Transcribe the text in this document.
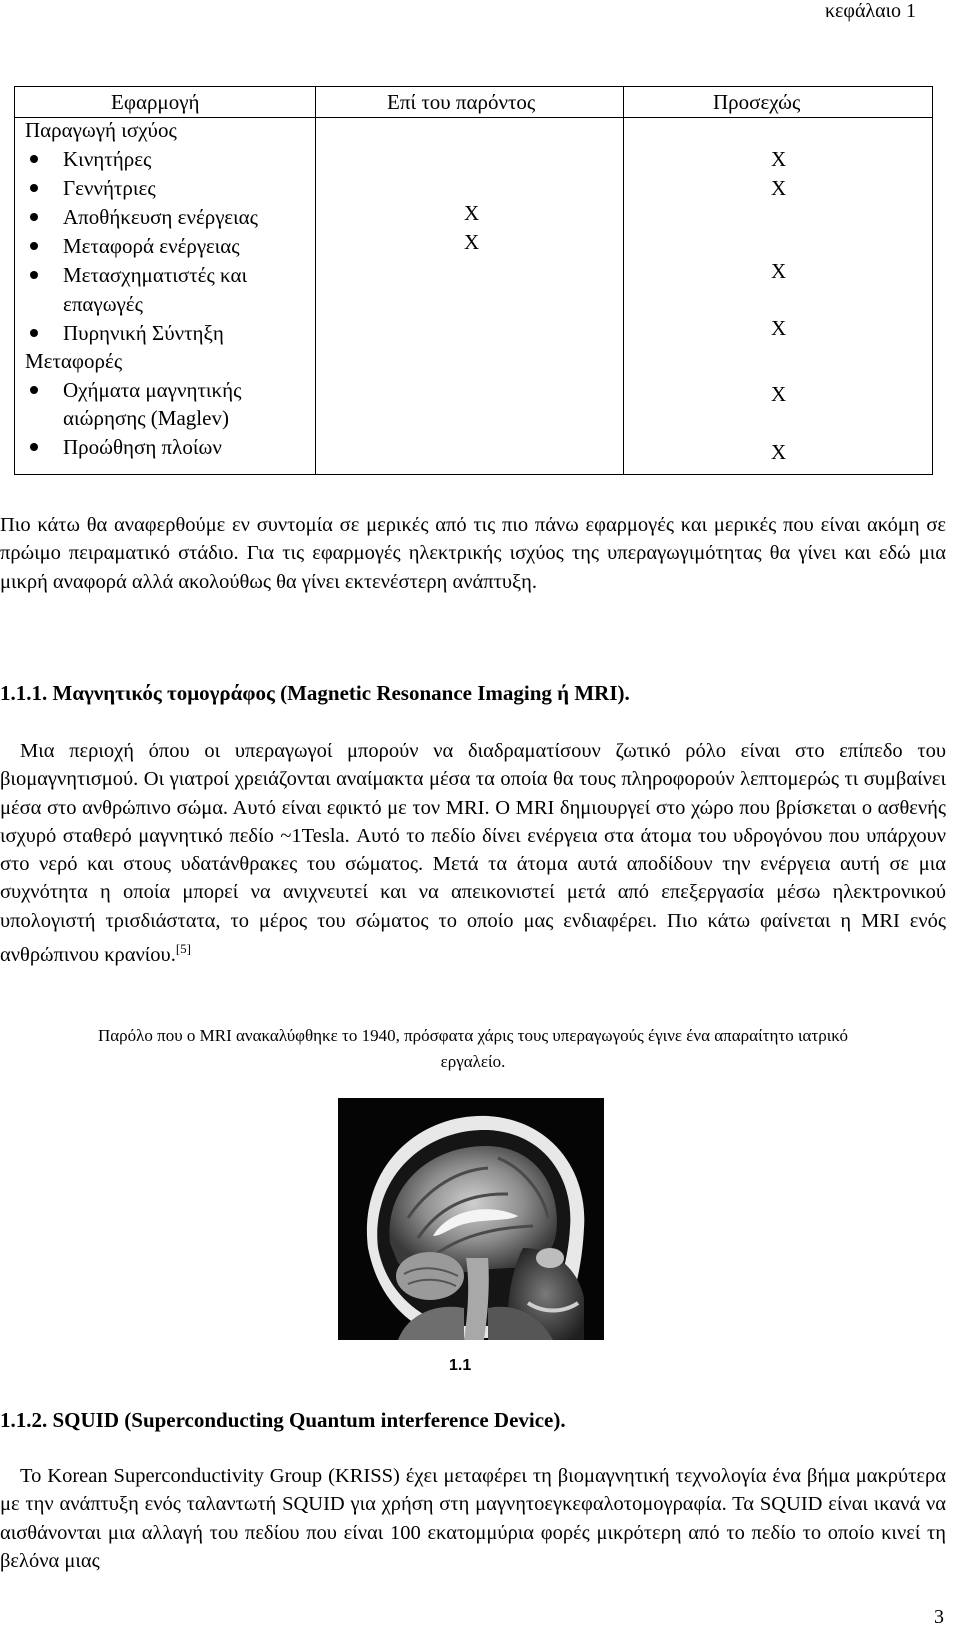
κεφάλαιο 1
Εφαρμογή	Επί του παρόντος	Προσεχώς
Παραγωγή ισχύος
Κινητήρες
Γεννήτριες
Αποθήκευση ενέργειας
Μεταφορά ενέργειας
Μετασχηματιστές και
επαγωγές
Πυρηνική Σύντηξη
Μεταφορές
Οχήματα μαγνητικής
αιώρησης (Maglev)
Προώθηση πλοίων
X
X
X
X
X
X
X
X

Πιο κάτω θα αναφερθούμε εν συντομία σε μερικές από τις πιο πάνω εφαρμογές και μερικές που είναι ακόμη σε πρώιμο πειραματικό στάδιο. Για τις εφαρμογές ηλεκτρικής ισχύος της υπεραγωγιμότητας θα γίνει και εδώ μια μικρή αναφορά αλλά ακολούθως θα γίνει εκτενέστερη ανάπτυξη.

1.1.1. Μαγνητικός τομογράφος (Magnetic Resonance Imaging ή MRI).

Μια περιοχή όπου οι υπεραγωγοί μπορούν να διαδραματίσουν ζωτικό ρόλο είναι στο επίπεδο του βιομαγνητισμού. Οι γιατροί χρειάζονται αναίμακτα μέσα τα οποία θα τους πληροφορούν λεπτομερώς τι συμβαίνει μέσα στο ανθρώπινο σώμα. Αυτό είναι εφικτό με τον MRI. Ο MRI δημιουργεί στο χώρο που βρίσκεται ο ασθενής ισχυρό σταθερό μαγνητικό πεδίο ~1Tesla. Αυτό το πεδίο δίνει ενέργεια στα άτομα του υδρογόνου που υπάρχουν στο νερό και στους υδατάνθρακες του σώματος. Μετά τα άτομα αυτά αποδίδουν την ενέργεια αυτή σε μια συχνότητα η οποία μπορεί να ανιχνευτεί και να απεικονιστεί μετά από επεξεργασία μέσω ηλεκτρονικού υπολογιστή τρισδιάστατα, το μέρος του σώματος το οποίο μας ενδιαφέρει. Πιο κάτω φαίνεται η MRI ενός ανθρώπινου κρανίου.[5]

Παρόλο που ο MRI ανακαλύφθηκε το 1940, πρόσφατα χάρις τους υπεραγωγούς έγινε ένα απαραίτητο ιατρικό
εργαλείο.

1.1
1.1.2. SQUID (Superconducting Quantum interference Device).

Το Korean Superconductivity Group (KRISS) έχει μεταφέρει τη βιομαγνητική τεχνολογία ένα βήμα μακρύτερα με την ανάπτυξη ενός ταλαντωτή SQUID για χρήση στη μαγνητοεγκεφαλοτομογραφία. Τα SQUID είναι ικανά να αισθάνονται μια αλλαγή του πεδίου που είναι 100 εκατομμύρια φορές μικρότερη από το πεδίο το οποίο κινεί τη βελόνα μιας

3
